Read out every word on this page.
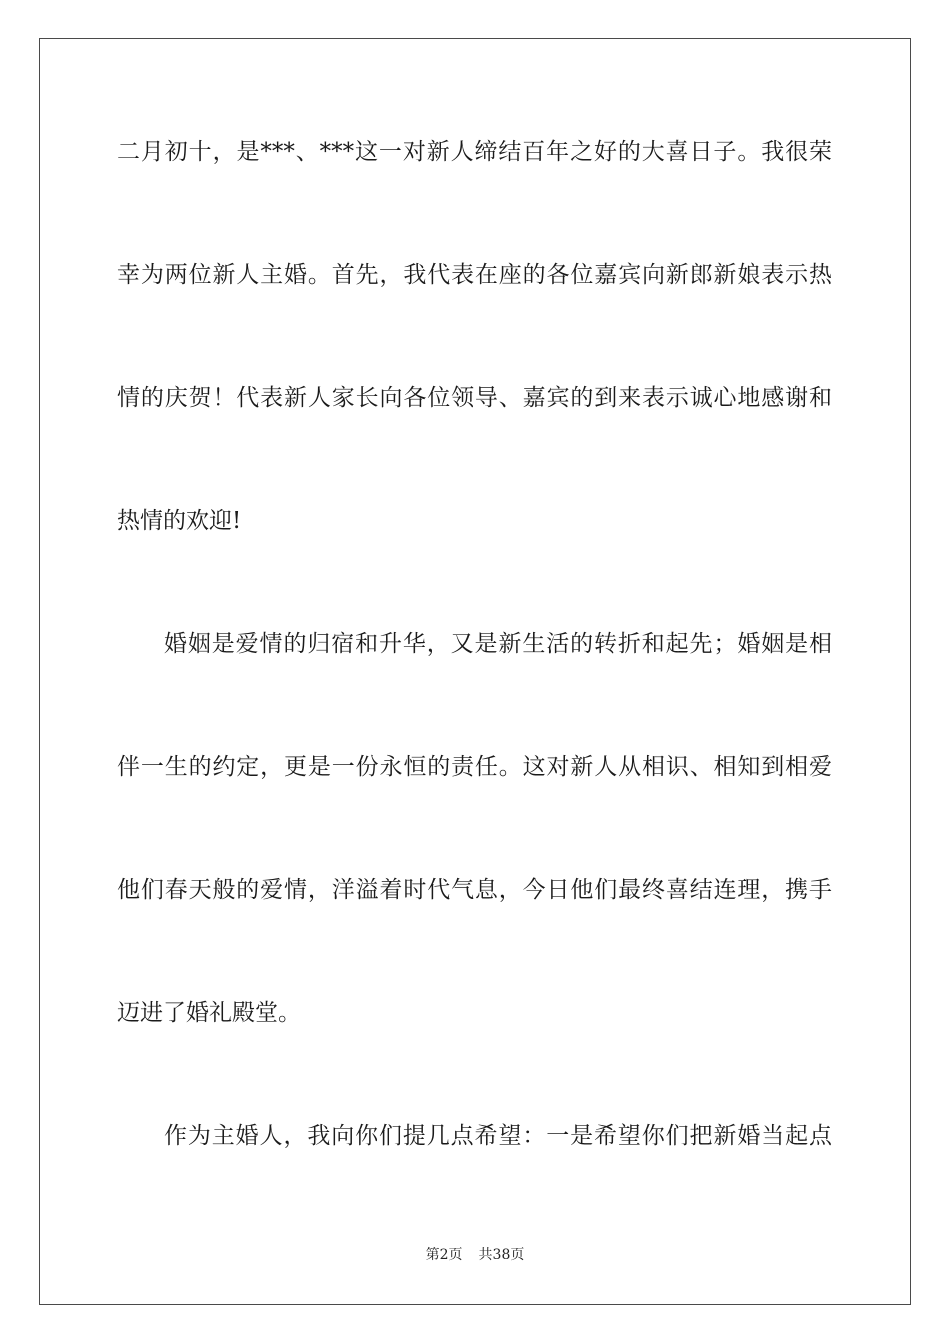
二月初十，是***、***这一对新人缔结百年之好的大喜日子。我很荣
幸为两位新人主婚。首先，我代表在座的各位嘉宾向新郎新娘表示热
情的庆贺！代表新人家长向各位领导、嘉宾的到来表示诚心地感谢和
热情的欢迎!
婚姻是爱情的归宿和升华，又是新生活的转折和起先；婚姻是相
伴一生的约定，更是一份永恒的责任。这对新人从相识、相知到相爱
他们春天般的爱情，洋溢着时代气息，今日他们最终喜结连理，携手
迈进了婚礼殿堂。
作为主婚人，我向你们提几点希望：一是希望你们把新婚当起点
第2页 共38页
